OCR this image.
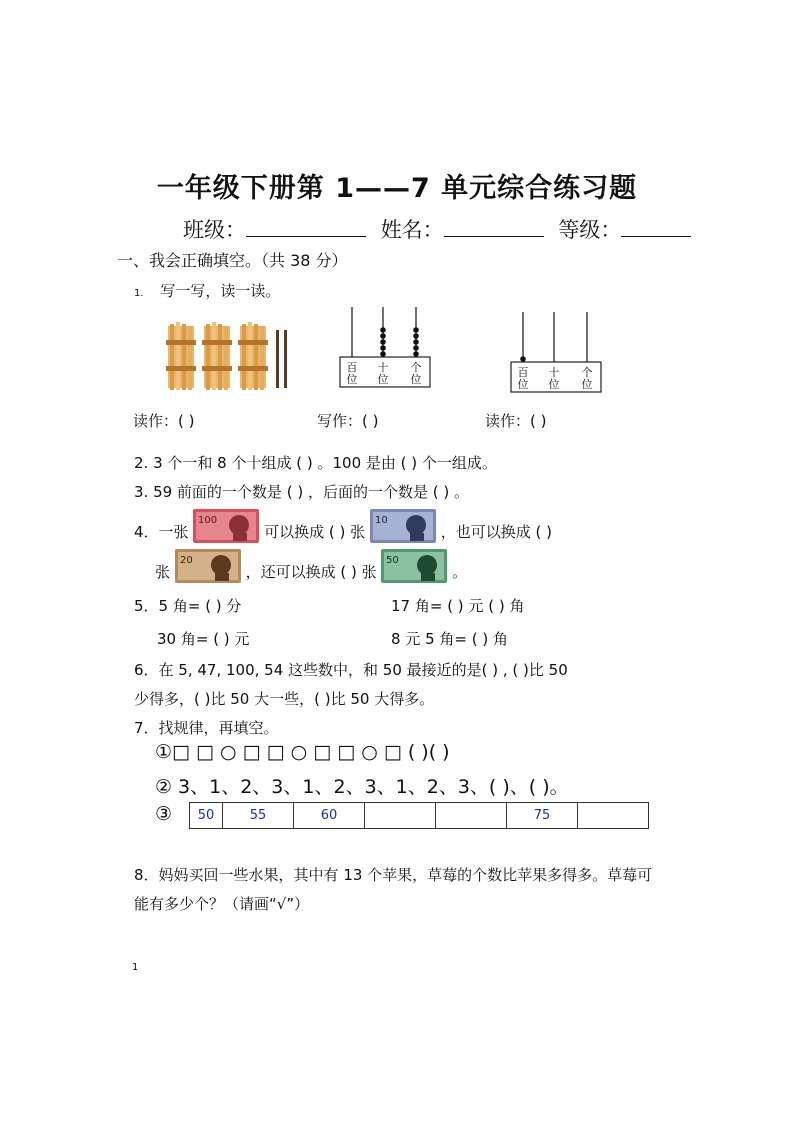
一年级下册第 1——7 单元综合练习题
班级：	姓名：	等级：
一、我会正确填空。（共 38 分）
1. 写一写，读一读。
百
位
十
位
个
位
百
位
十
位
个
位
读作：( )	写作：( )	读作：( )
2. 3 个一和 8 个十组成 ( ) 。100 是由 ( ) 个一组成。
3. 59 前面的一个数是 ( ) ，后面的一个数是 ( ) 。
4．一张
100
可以换成 ( ) 张
10
，也可以换成 ( )
张
20
，还可以换成 ( ) 张
50
。
5．5 角= ( ) 分	17 角= ( ) 元 ( ) 角
30 角= ( ) 元	8 元 5 角= ( ) 角
6．在 5, 47, 100, 54 这些数中，和 50 最接近的是( ) , ( )比 50
少得多，( )比 50 大一些，( )比 50 大得多。
7．找规律，再填空。
①□ □ ○ □ □ ○ □ □ ○ □ ( )( )
② 3、1、2、3、1、2、3、1、2、3、( )、( )。
③ 50	55	60			75	
8．妈妈买回一些水果，其中有 13 个苹果，草莓的个数比苹果多得多。草莓可
能有多少个？（请画“√”）
1
